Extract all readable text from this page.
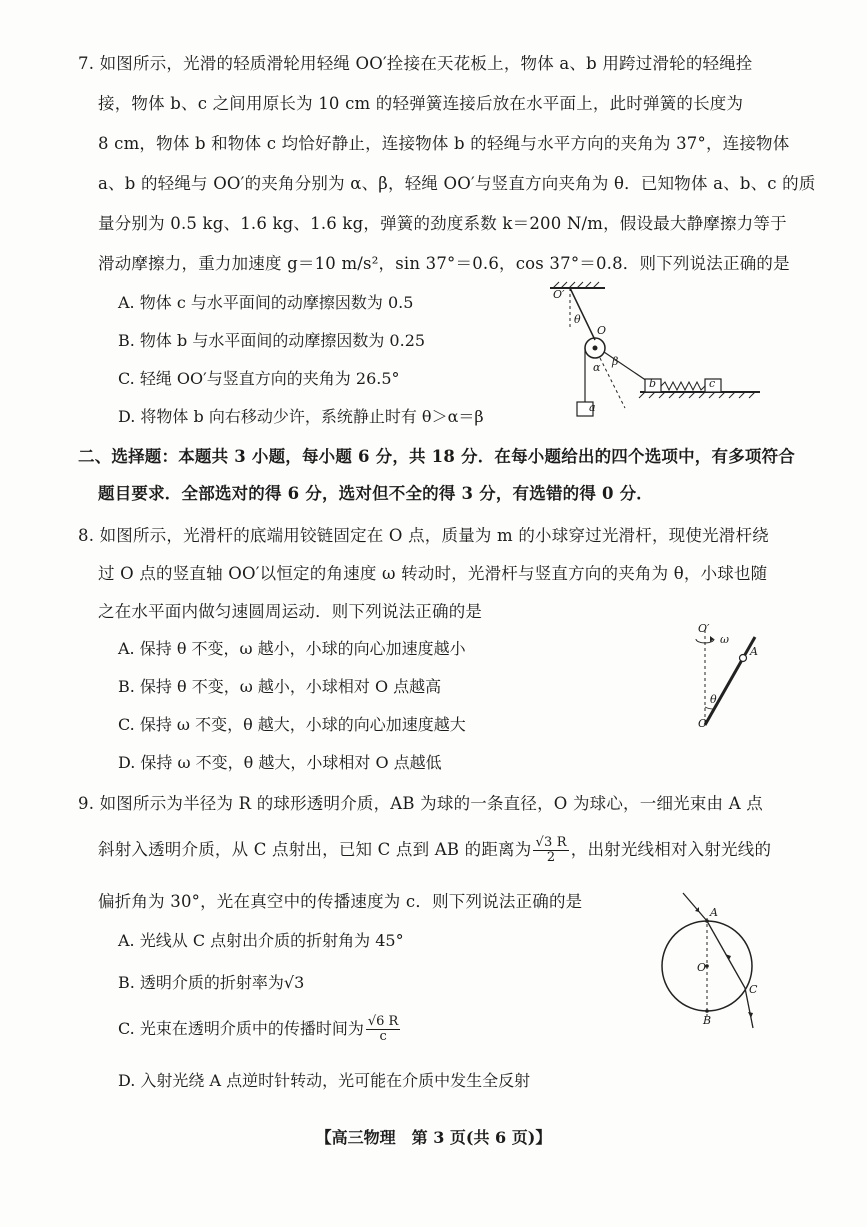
7. 如图所示，光滑的轻质滑轮用轻绳 OO′拴接在天花板上，物体 a、b 用跨过滑轮的轻绳拴
接，物体 b、c 之间用原长为 10 cm 的轻弹簧连接后放在水平面上，此时弹簧的长度为
8 cm，物体 b 和物体 c 均恰好静止，连接物体 b 的轻绳与水平方向的夹角为 37°，连接物体
a、b 的轻绳与 OO′的夹角分别为 α、β，轻绳 OO′与竖直方向夹角为 θ．已知物体 a、b、c 的质
量分别为 0.5 kg、1.6 kg、1.6 kg，弹簧的劲度系数 k＝200 N/m，假设最大静摩擦力等于
滑动摩擦力，重力加速度 g＝10 m/s²，sin 37°＝0.6，cos 37°＝0.8．则下列说法正确的是
A. 物体 c 与水平面间的动摩擦因数为 0.5
B. 物体 b 与水平面间的动摩擦因数为 0.25
C. 轻绳 OO′与竖直方向的夹角为 26.5°
D. 将物体 b 向右移动少许，系统静止时有 θ＞α＝β
O′
θ
O
α β
b	c
a
二、选择题：本题共 3 小题，每小题 6 分，共 18 分．在每小题给出的四个选项中，有多项符合
题目要求．全部选对的得 6 分，选对但不全的得 3 分，有选错的得 0 分．
8. 如图所示，光滑杆的底端用铰链固定在 O 点，质量为 m 的小球穿过光滑杆，现使光滑杆绕
过 O 点的竖直轴 OO′以恒定的角速度 ω 转动时，光滑杆与竖直方向的夹角为 θ，小球也随
之在水平面内做匀速圆周运动．则下列说法正确的是
A. 保持 θ 不变，ω 越小，小球的向心加速度越小
B. 保持 θ 不变，ω 越小，小球相对 O 点越高
C. 保持 ω 不变，θ 越大，小球的向心加速度越大
D. 保持 ω 不变，θ 越大，小球相对 O 点越低
O′
ω
A
θ
O
9. 如图所示为半径为 R 的球形透明介质，AB 为球的一条直径，O 为球心，一细光束由 A 点
斜射入透明介质，从 C 点射出，已知 C 点到 AB 的距离为 $\frac{√3 R}{2}$ ，出射光线相对入射光线的
偏折角为 30°，光在真空中的传播速度为 c．则下列说法正确的是
A. 光线从 C 点射出介质的折射角为 45°
B. 透明介质的折射率为√3
C. 光束在透明介质中的传播时间为 $\frac{√6 R}{c}$
D. 入射光绕 A 点逆时针转动，光可能在介质中发生全反射
A
O
C
B
【高三物理　第 3 页(共 6 页)】
